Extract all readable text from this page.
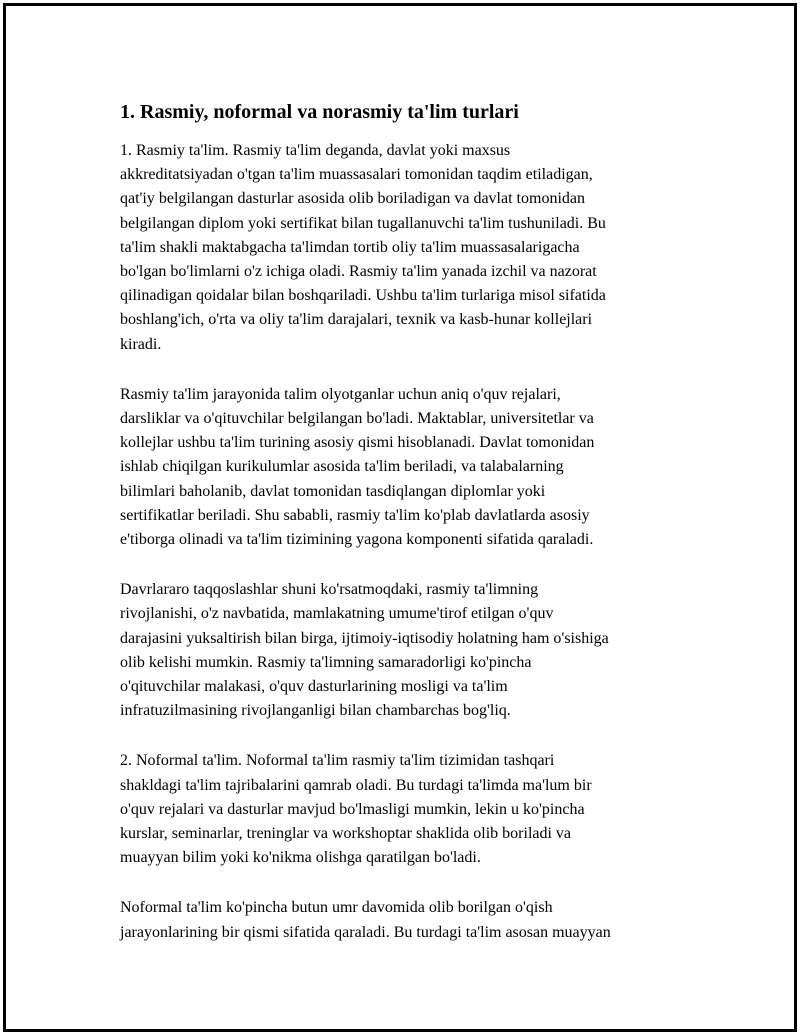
1. Rasmiy, noformal va norasmiy ta'lim turlari

1. Rasmiy ta'lim. Rasmiy ta'lim deganda, davlat yoki maxsus
akkreditatsiyadan o'tgan ta'lim muassasalari tomonidan taqdim etiladigan,
qat'iy belgilangan dasturlar asosida olib boriladigan va davlat tomonidan
belgilangan diplom yoki sertifikat bilan tugallanuvchi ta'lim tushuniladi. Bu
ta'lim shakli maktabgacha ta'limdan tortib oliy ta'lim muassasalarigacha
bo'lgan bo'limlarni o'z ichiga oladi. Rasmiy ta'lim yanada izchil va nazorat
qilinadigan qoidalar bilan boshqariladi. Ushbu ta'lim turlariga misol sifatida
boshlang'ich, o'rta va oliy ta'lim darajalari, texnik va kasb-hunar kollejlari
kiradi.

Rasmiy ta'lim jarayonida talim olyotganlar uchun aniq o'quv rejalari,
darsliklar va o'qituvchilar belgilangan bo'ladi. Maktablar, universitetlar va
kollejlar ushbu ta'lim turining asosiy qismi hisoblanadi. Davlat tomonidan
ishlab chiqilgan kurikulumlar asosida ta'lim beriladi, va talabalarning
bilimlari baholanib, davlat tomonidan tasdiqlangan diplomlar yoki
sertifikatlar beriladi. Shu sababli, rasmiy ta'lim ko'plab davlatlarda asosiy
e'tiborga olinadi va ta'lim tizimining yagona komponenti sifatida qaraladi.

Davrlararo taqqoslashlar shuni ko'rsatmoqdaki, rasmiy ta'limning
rivojlanishi, o'z navbatida, mamlakatning umume'tirof etilgan o'quv
darajasini yuksaltirish bilan birga, ijtimoiy-iqtisodiy holatning ham o'sishiga
olib kelishi mumkin. Rasmiy ta'limning samaradorligi ko'pincha
o'qituvchilar malakasi, o'quv dasturlarining mosligi va ta'lim
infratuzilmasining rivojlanganligi bilan chambarchas bog'liq.

2. Noformal ta'lim. Noformal ta'lim rasmiy ta'lim tizimidan tashqari
shakldagi ta'lim tajribalarini qamrab oladi. Bu turdagi ta'limda ma'lum bir
o'quv rejalari va dasturlar mavjud bo'lmasligi mumkin, lekin u ko'pincha
kurslar, seminarlar, treninglar va workshoptar shaklida olib boriladi va
muayyan bilim yoki ko'nikma olishga qaratilgan bo'ladi.

Noformal ta'lim ko'pincha butun umr davomida olib borilgan o'qish
jarayonlarining bir qismi sifatida qaraladi. Bu turdagi ta'lim asosan muayyan
